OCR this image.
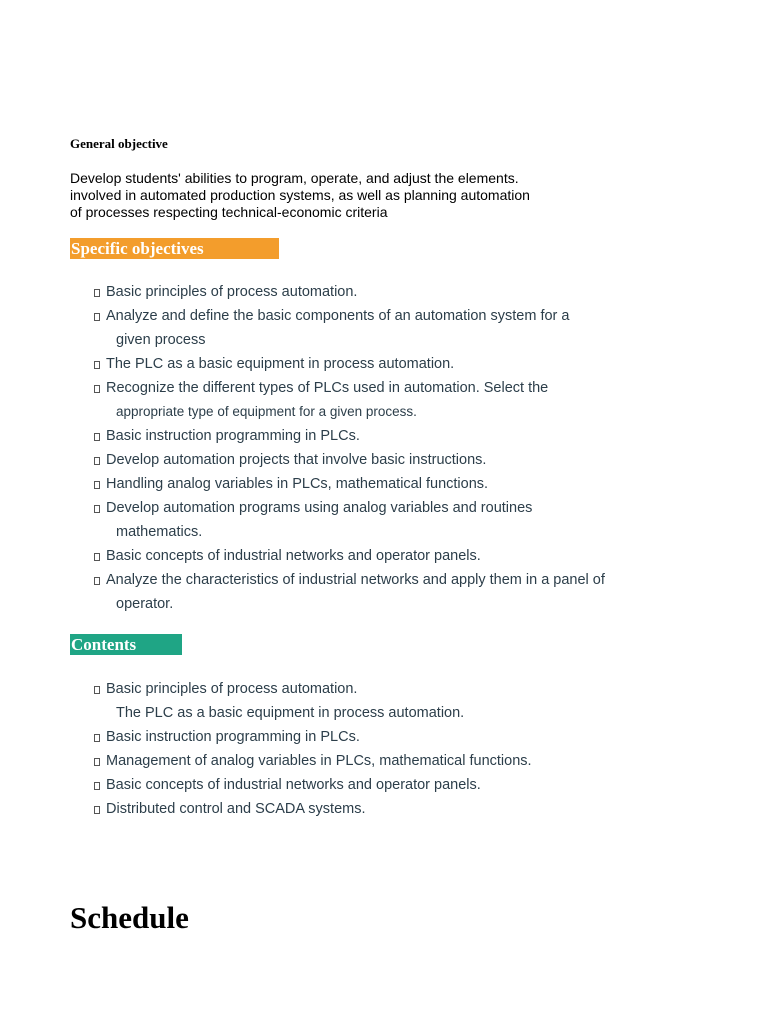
General objective
Develop students' abilities to program, operate, and adjust the elements.
involved in automated production systems, as well as planning automation
of processes respecting technical-economic criteria
Specific objectives
Basic principles of process automation.
Analyze and define the basic components of an automation system for a
given process
The PLC as a basic equipment in process automation.
Recognize the different types of PLCs used in automation. Select the
appropriate type of equipment for a given process.
Basic instruction programming in PLCs.
Develop automation projects that involve basic instructions.
Handling analog variables in PLCs, mathematical functions.
Develop automation programs using analog variables and routines
mathematics.
Basic concepts of industrial networks and operator panels.
Analyze the characteristics of industrial networks and apply them in a panel of
operator.
Contents
Basic principles of process automation.
The PLC as a basic equipment in process automation.
Basic instruction programming in PLCs.
Management of analog variables in PLCs, mathematical functions.
Basic concepts of industrial networks and operator panels.
Distributed control and SCADA systems.
Schedule
